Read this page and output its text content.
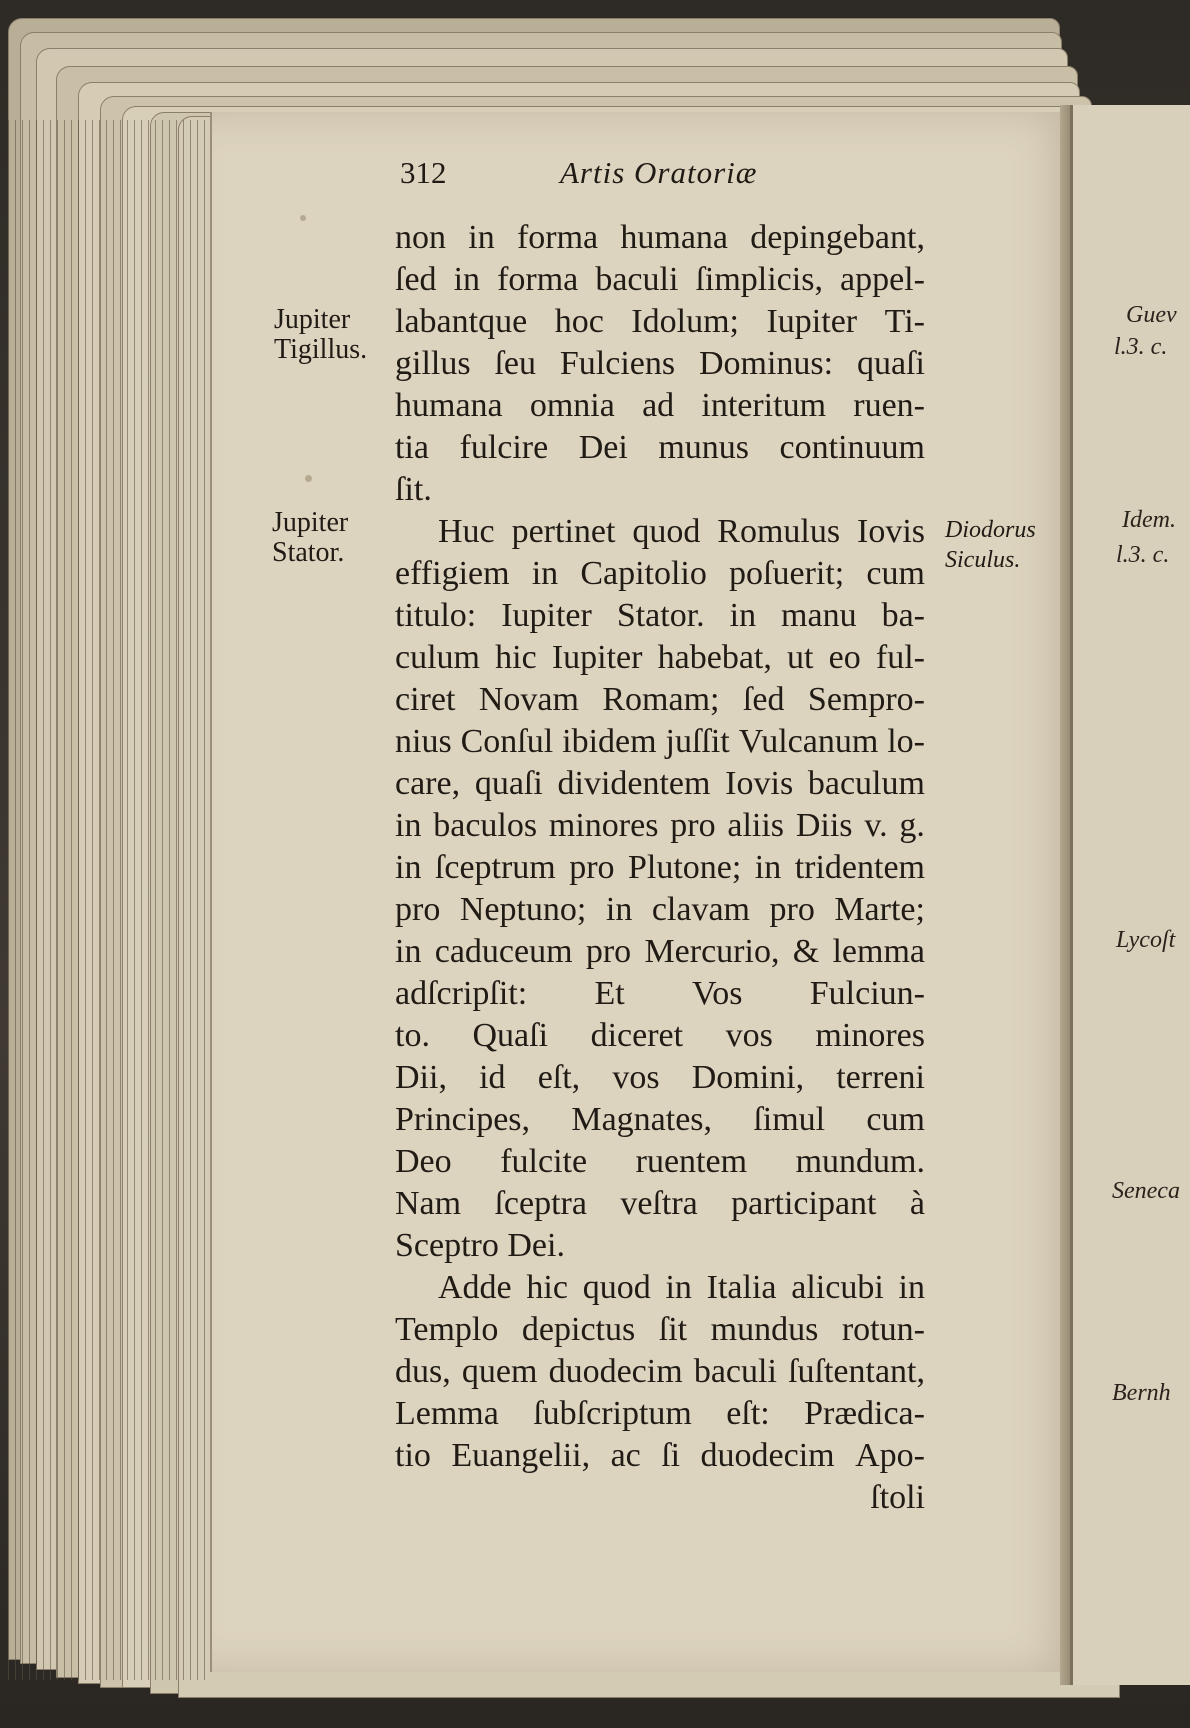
312	Artis Oratoriæ
non in forma humana depingebant,
ſed in forma baculi ſimplicis, appel-
labantque hoc Idolum; Iupiter Ti-
gillus ſeu Fulciens Dominus: quaſi
humana omnia ad interitum ruen-
tia fulcire Dei munus continuum
ſit.
Huc pertinet quod Romulus Iovis
effigiem in Capitolio poſuerit; cum
titulo: Iupiter Stator. in manu ba-
culum hic Iupiter habebat, ut eo ful-
ciret Novam Romam; ſed Sempro-
nius Conſul ibidem juſſit Vulcanum lo-
care, quaſi dividentem Iovis baculum
in baculos minores pro aliis Diis v. g.
in ſceptrum pro Plutone; in tridentem
pro Neptuno; in clavam pro Marte;
in caduceum pro Mercurio, & lemma
adſcripſit: Et Vos Fulciun-
to. Quaſi diceret vos minores
Dii, id eſt, vos Domini, terreni
Principes, Magnates, ſimul cum
Deo fulcite ruentem mundum.
Nam ſceptra veſtra participant à
Sceptro Dei.
Adde hic quod in Italia alicubi in
Templo depictus ſit mundus rotun-
dus, quem duodecim baculi ſuſtentant,
Lemma ſubſcriptum eſt: Prædica-
tio Euangelii, ac ſi duodecim Apo-
ſtoli
Jupiter
Tigillus.
Jupiter
Stator.
Diodorus
Siculus.
Guev
l.3. c.
Idem.
l.3. c.
Lycoſt
Seneca
Bernh
